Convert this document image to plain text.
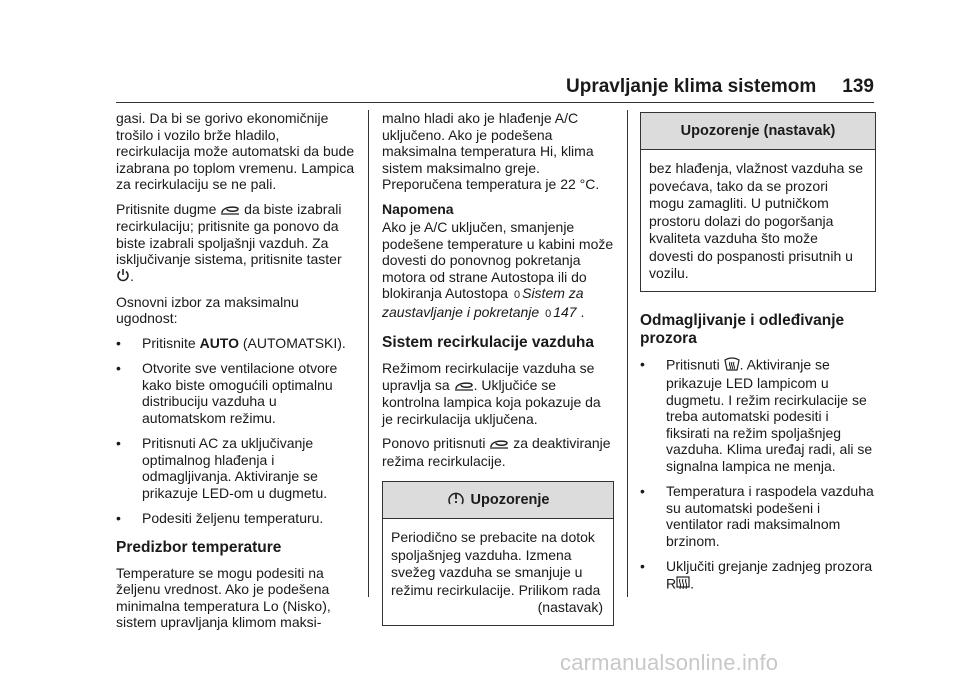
Upravljanje klima sistemom 139

gasi. Da bi se gorivo ekonomičnije trošilo i vozilo brže hladilo, recirkulacija može automatski da bude izabrana po toplom vremenu. Lampica za recirkulaciju se ne pali.

Pritisnite dugme  da biste izabrali recirkulaciju; pritisnite ga ponovo da biste izabrali spoljašnji vazduh. Za isključivanje sistema, pritisnite taster .

Osnovni izbor za maksimalnu ugodnost:

•	Pritisnite AUTO (AUTOMATSKI).
•	Otvorite sve ventilacione otvore kako biste omogućili optimalnu distribuciju vazduha u automatskom režimu.
•	Pritisnuti AC za uključivanje optimalnog hlađenja i odmagljivanja. Aktiviranje se prikazuje LED-om u dugmetu.
•	Podesiti željenu temperaturu.
Predizbor temperature

Temperature se mogu podesiti na željenu vrednost. Ako je podešena minimalna temperatura Lo (Nisko), sistem upravljanja klimom maksi-

malno hladi ako je hlađenje A/C uključeno. Ako je podešena maksimalna temperatura Hi, klima sistem maksimalno greje. Preporučena temperatura je 22 °C.

Napomena

Ako je A/C uključen, smanjenje podešene temperature u kabini može dovesti do ponovnog pokretanja motora od strane Autostopa ili do blokiranja Autostopa 0 Sistem za zaustavljanje i pokretanje 0 147 .

Sistem recirkulacije vazduha

Režimom recirkulacije vazduha se upravlja sa . Uključiće se kontrolna lampica koja pokazuje da je recirkulacija uključena.

Ponovo pritisnuti  za deaktiviranje režima recirkulacije.

Upozorenje

Periodično se prebacite na dotok spoljašnjeg vazduha. Izmena svežeg vazduha se smanjuje u režimu recirkulacije. Prilikom rada

(nastavak)

Upozorenje (nastavak)

bez hlađenja, vlažnost vazduha se povećava, tako da se prozori mogu zamagliti. U putničkom prostoru dolazi do pogoršanja kvaliteta vazduha što može dovesti do pospanosti prisutnih u vozilu.

Odmagljivanje i odleđivanje prozora
•	Pritisnuti . Aktiviranje se prikazuje LED lampicom u dugmetu. I režim recirkulacije se treba automatski podesiti i fiksirati na režim spoljašnjeg vazduha. Klima uređaj radi, ali se signalna lampica ne menja.
•	Temperatura i raspodela vazduha su automatski podešeni i ventilator radi maksimalnom brzinom.
•	Uključiti grejanje zadnjeg prozora R .
carmanualsonline.info
